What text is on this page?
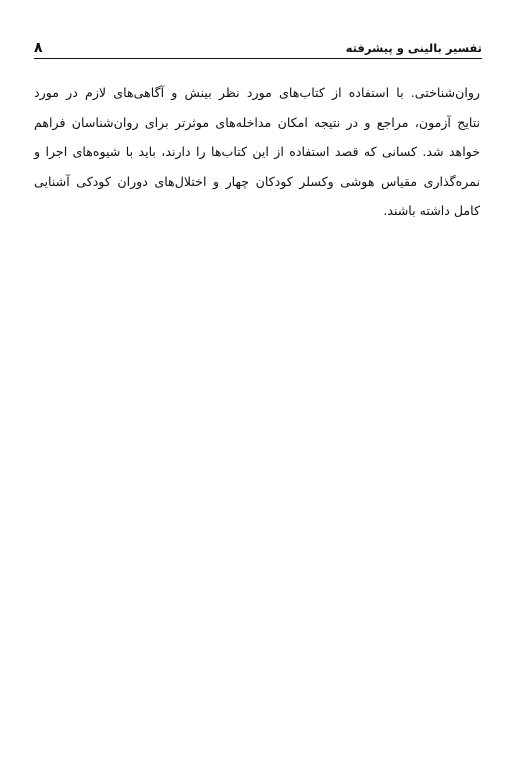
تفسیر بالینی و پیشرفته
۸
روان‌شناختی. با استفاده از کتاب‌های مورد نظر بینش و آگاهی‌های لازم در مورد
نتایج آزمون، مراجع و در نتیجه امکان مداخله‌های موثرتر برای روان‌شناسان فراهم
خواهد شد. کسانی که قصد استفاده از این کتاب‌ها را دارند، باید با شیوه‌های اجرا و
نمره‌گذاری مقیاس هوشی وکسلر کودکان چهار و اختلال‌های دوران کودکی آشنایی
کامل داشته باشند.
